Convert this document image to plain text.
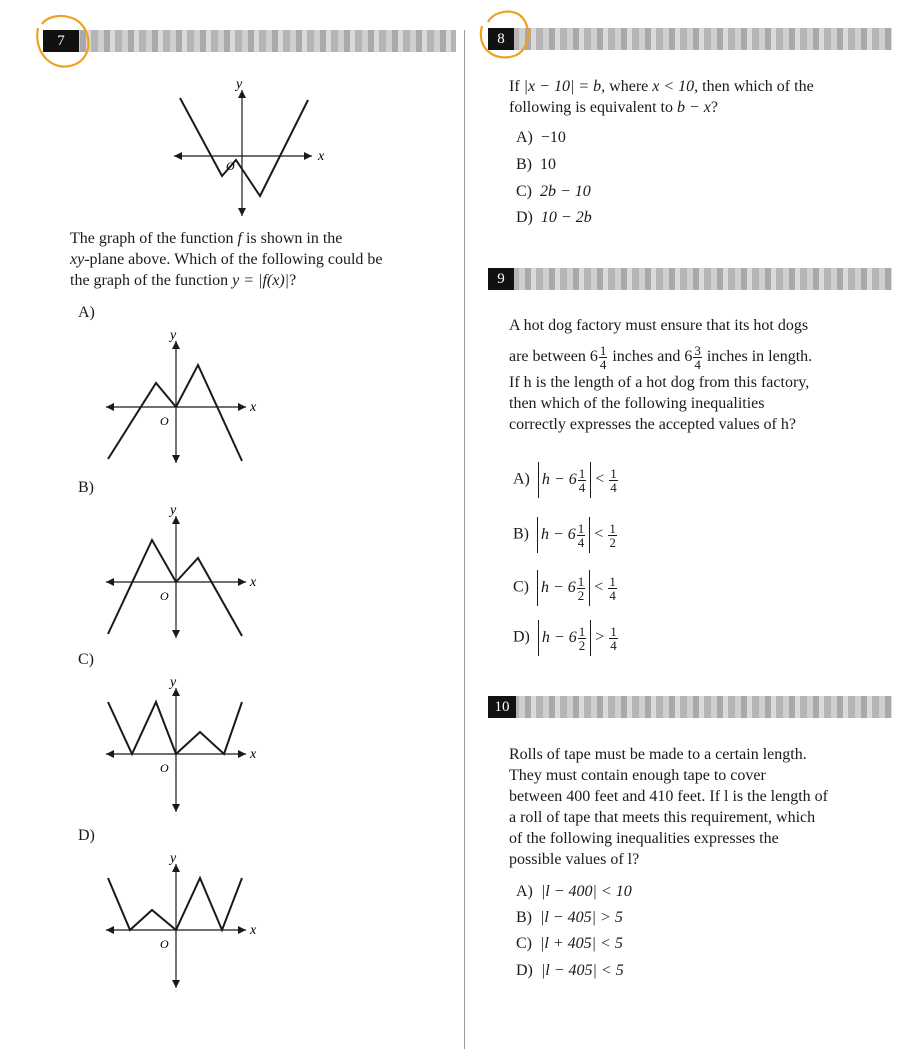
7
y
x
O
The graph of the function f is shown in the
xy-plane above. Which of the following could be
the graph of the function y = |f(x)|?
A)
y
x
O
B)
y
x
O
C)
y
x
O
D)
y
x
O
8
If |x − 10| = b, where x < 10, then which of the
following is equivalent to b − x?
A) −10
B) 10
C) 2b − 10
D) 10 − 2b
9
A hot dog factory must ensure that its hot dogs
are between $6 \frac{1}{4}$ inches and $6 \frac{3}{4}$ inches in length.
If h is the length of a hot dog from this factory,
then which of the following inequalities
correctly expresses the accepted values of h?
A) $h - 6 \frac{1}{4} < \frac{1}{4}$
B) $h - 6 \frac{1}{4} < \frac{1}{2}$
C) $h - 6 \frac{1}{2} < \frac{1}{4}$
D) $h - 6 \frac{1}{2} > \frac{1}{4}$
10
Rolls of tape must be made to a certain length.
They must contain enough tape to cover
between 400 feet and 410 feet. If l is the length of
a roll of tape that meets this requirement, which
of the following inequalities expresses the
possible values of l?
A) |l − 400| < 10
B) |l − 405| > 5
C) |l + 405| < 5
D) |l − 405| < 5
